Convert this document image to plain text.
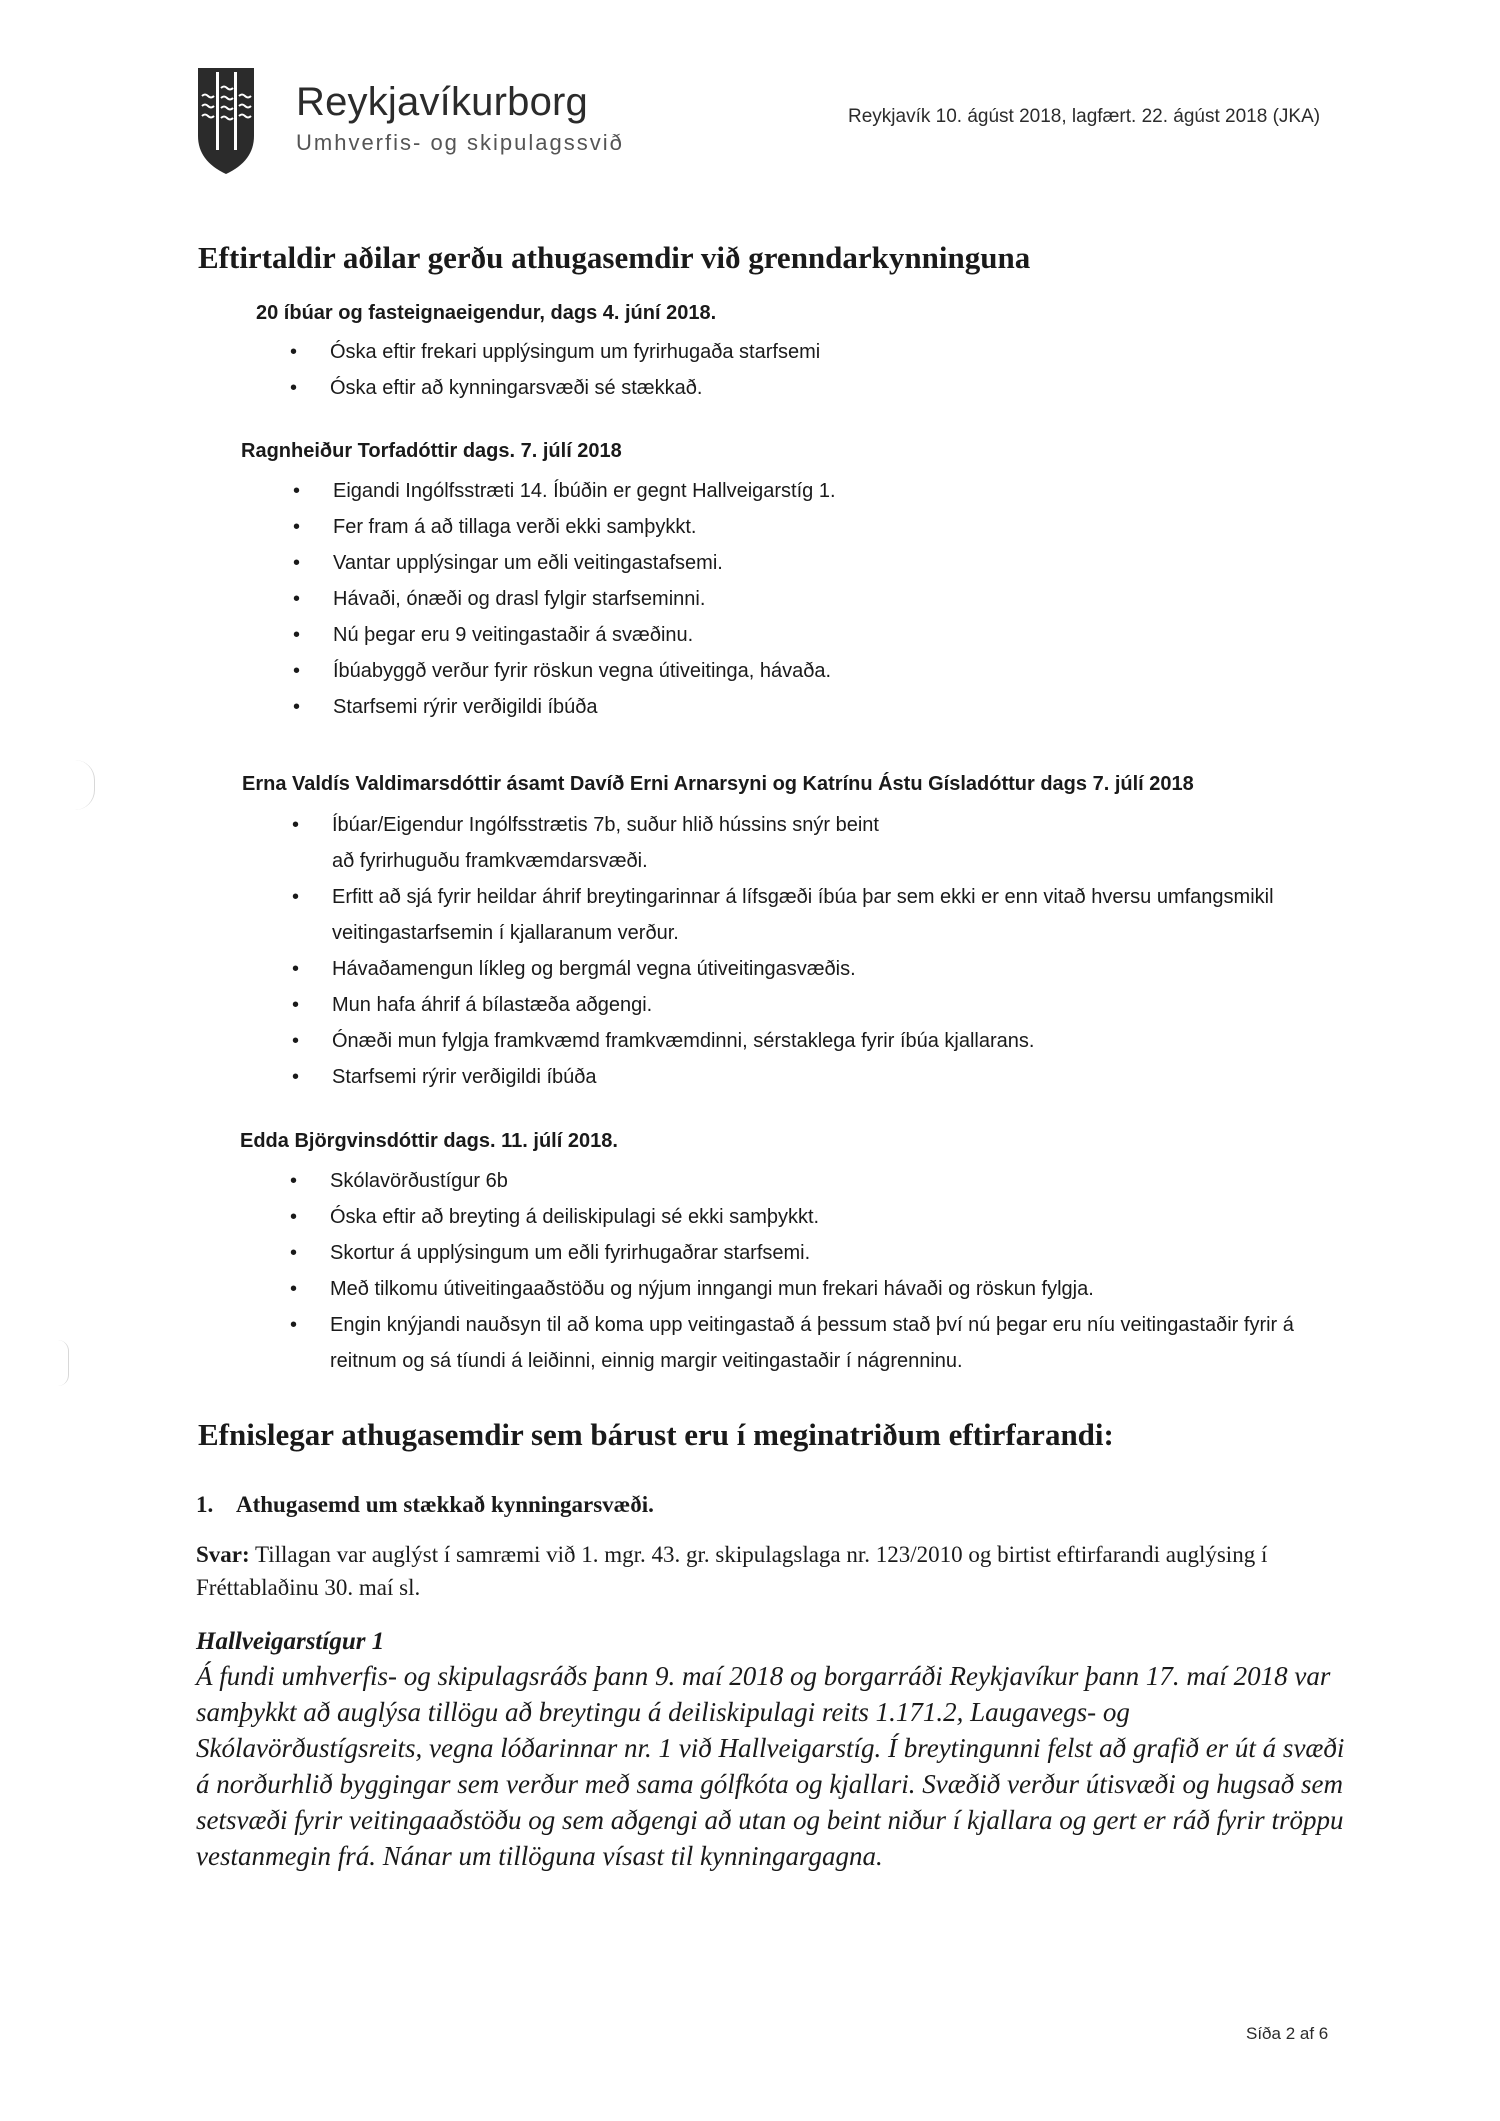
Reykjavíkurborg
Umhverfis- og skipulagssvið
Reykjavík 10. ágúst 2018, lagfært. 22. ágúst 2018 (JKA)
Eftirtaldir aðilar gerðu athugasemdir við grenndarkynninguna
20 íbúar og fasteignaeigendur, dags 4. júní 2018.
• Óska eftir frekari upplýsingum um fyrirhugaða starfsemi
• Óska eftir að kynningarsvæði sé stækkað.
Ragnheiður Torfadóttir dags. 7. júlí 2018
• Eigandi Ingólfsstræti 14. Íbúðin er gegnt Hallveigarstíg 1.
• Fer fram á að tillaga verði ekki samþykkt.
• Vantar upplýsingar um eðli veitingastafsemi.
• Hávaði, ónæði og drasl fylgir starfseminni.
• Nú þegar eru 9 veitingastaðir á svæðinu.
• Íbúabyggð verður fyrir röskun vegna útiveitinga, hávaða.
• Starfsemi rýrir verðigildi íbúða
Erna Valdís Valdimarsdóttir ásamt Davíð Erni Arnarsyni og Katrínu Ástu Gísladóttur dags 7. júlí 2018
• Íbúar/Eigendur Ingólfsstrætis 7b, suður hlið hússins snýr beint að fyrirhuguðu framkvæmdarsvæði.
• Erfitt að sjá fyrir heildar áhrif breytingarinnar á lífsgæði íbúa þar sem ekki er enn vitað hversu umfangsmikil veitingastarfsemin í kjallaranum verður.
• Hávaðamengun líkleg og bergmál vegna útiveitingasvæðis.
• Mun hafa áhrif á bílastæða aðgengi.
• Ónæði mun fylgja framkvæmd framkvæmdinni, sérstaklega fyrir íbúa kjallarans.
• Starfsemi rýrir verðigildi íbúða
Edda Björgvinsdóttir dags. 11. júlí 2018.
• Skólavörðustígur 6b
• Óska eftir að breyting á deiliskipulagi sé ekki samþykkt.
• Skortur á upplýsingum um eðli fyrirhugaðrar starfsemi.
• Með tilkomu útiveitingaaðstöðu og nýjum inngangi mun frekari hávaði og röskun fylgja.
• Engin knýjandi nauðsyn til að koma upp veitingastað á þessum stað því nú þegar eru níu veitingastaðir fyrir á reitnum og sá tíundi á leiðinni, einnig margir veitingastaðir í nágrenninu.
Efnislegar athugasemdir sem bárust eru í meginatriðum eftirfarandi:
1. Athugasemd um stækkað kynningarsvæði.
Svar: Tillagan var auglýst í samræmi við 1. mgr. 43. gr. skipulagslaga nr. 123/2010 og birtist eftirfarandi auglýsing í Fréttablaðinu 30. maí sl.
Hallveigarstígur 1
Á fundi umhverfis- og skipulagsráðs þann 9. maí 2018 og borgarráði Reykjavíkur þann 17. maí 2018 var samþykkt að auglýsa tillögu að breytingu á deiliskipulagi reits 1.171.2, Laugavegs- og Skólavörðustígsreits, vegna lóðarinnar nr. 1 við Hallveigarstíg. Í breytingunni felst að grafið er út á svæði á norðurhlið byggingar sem verður með sama gólfkóta og kjallari. Svæðið verður útisvæði og hugsað sem setsvæði fyrir veitingaaðstöðu og sem aðgengi að utan og beint niður í kjallara og gert er ráð fyrir tröppu vestanmegin frá. Nánar um tillöguna vísast til kynningargagna.
Síða 2 af 6
